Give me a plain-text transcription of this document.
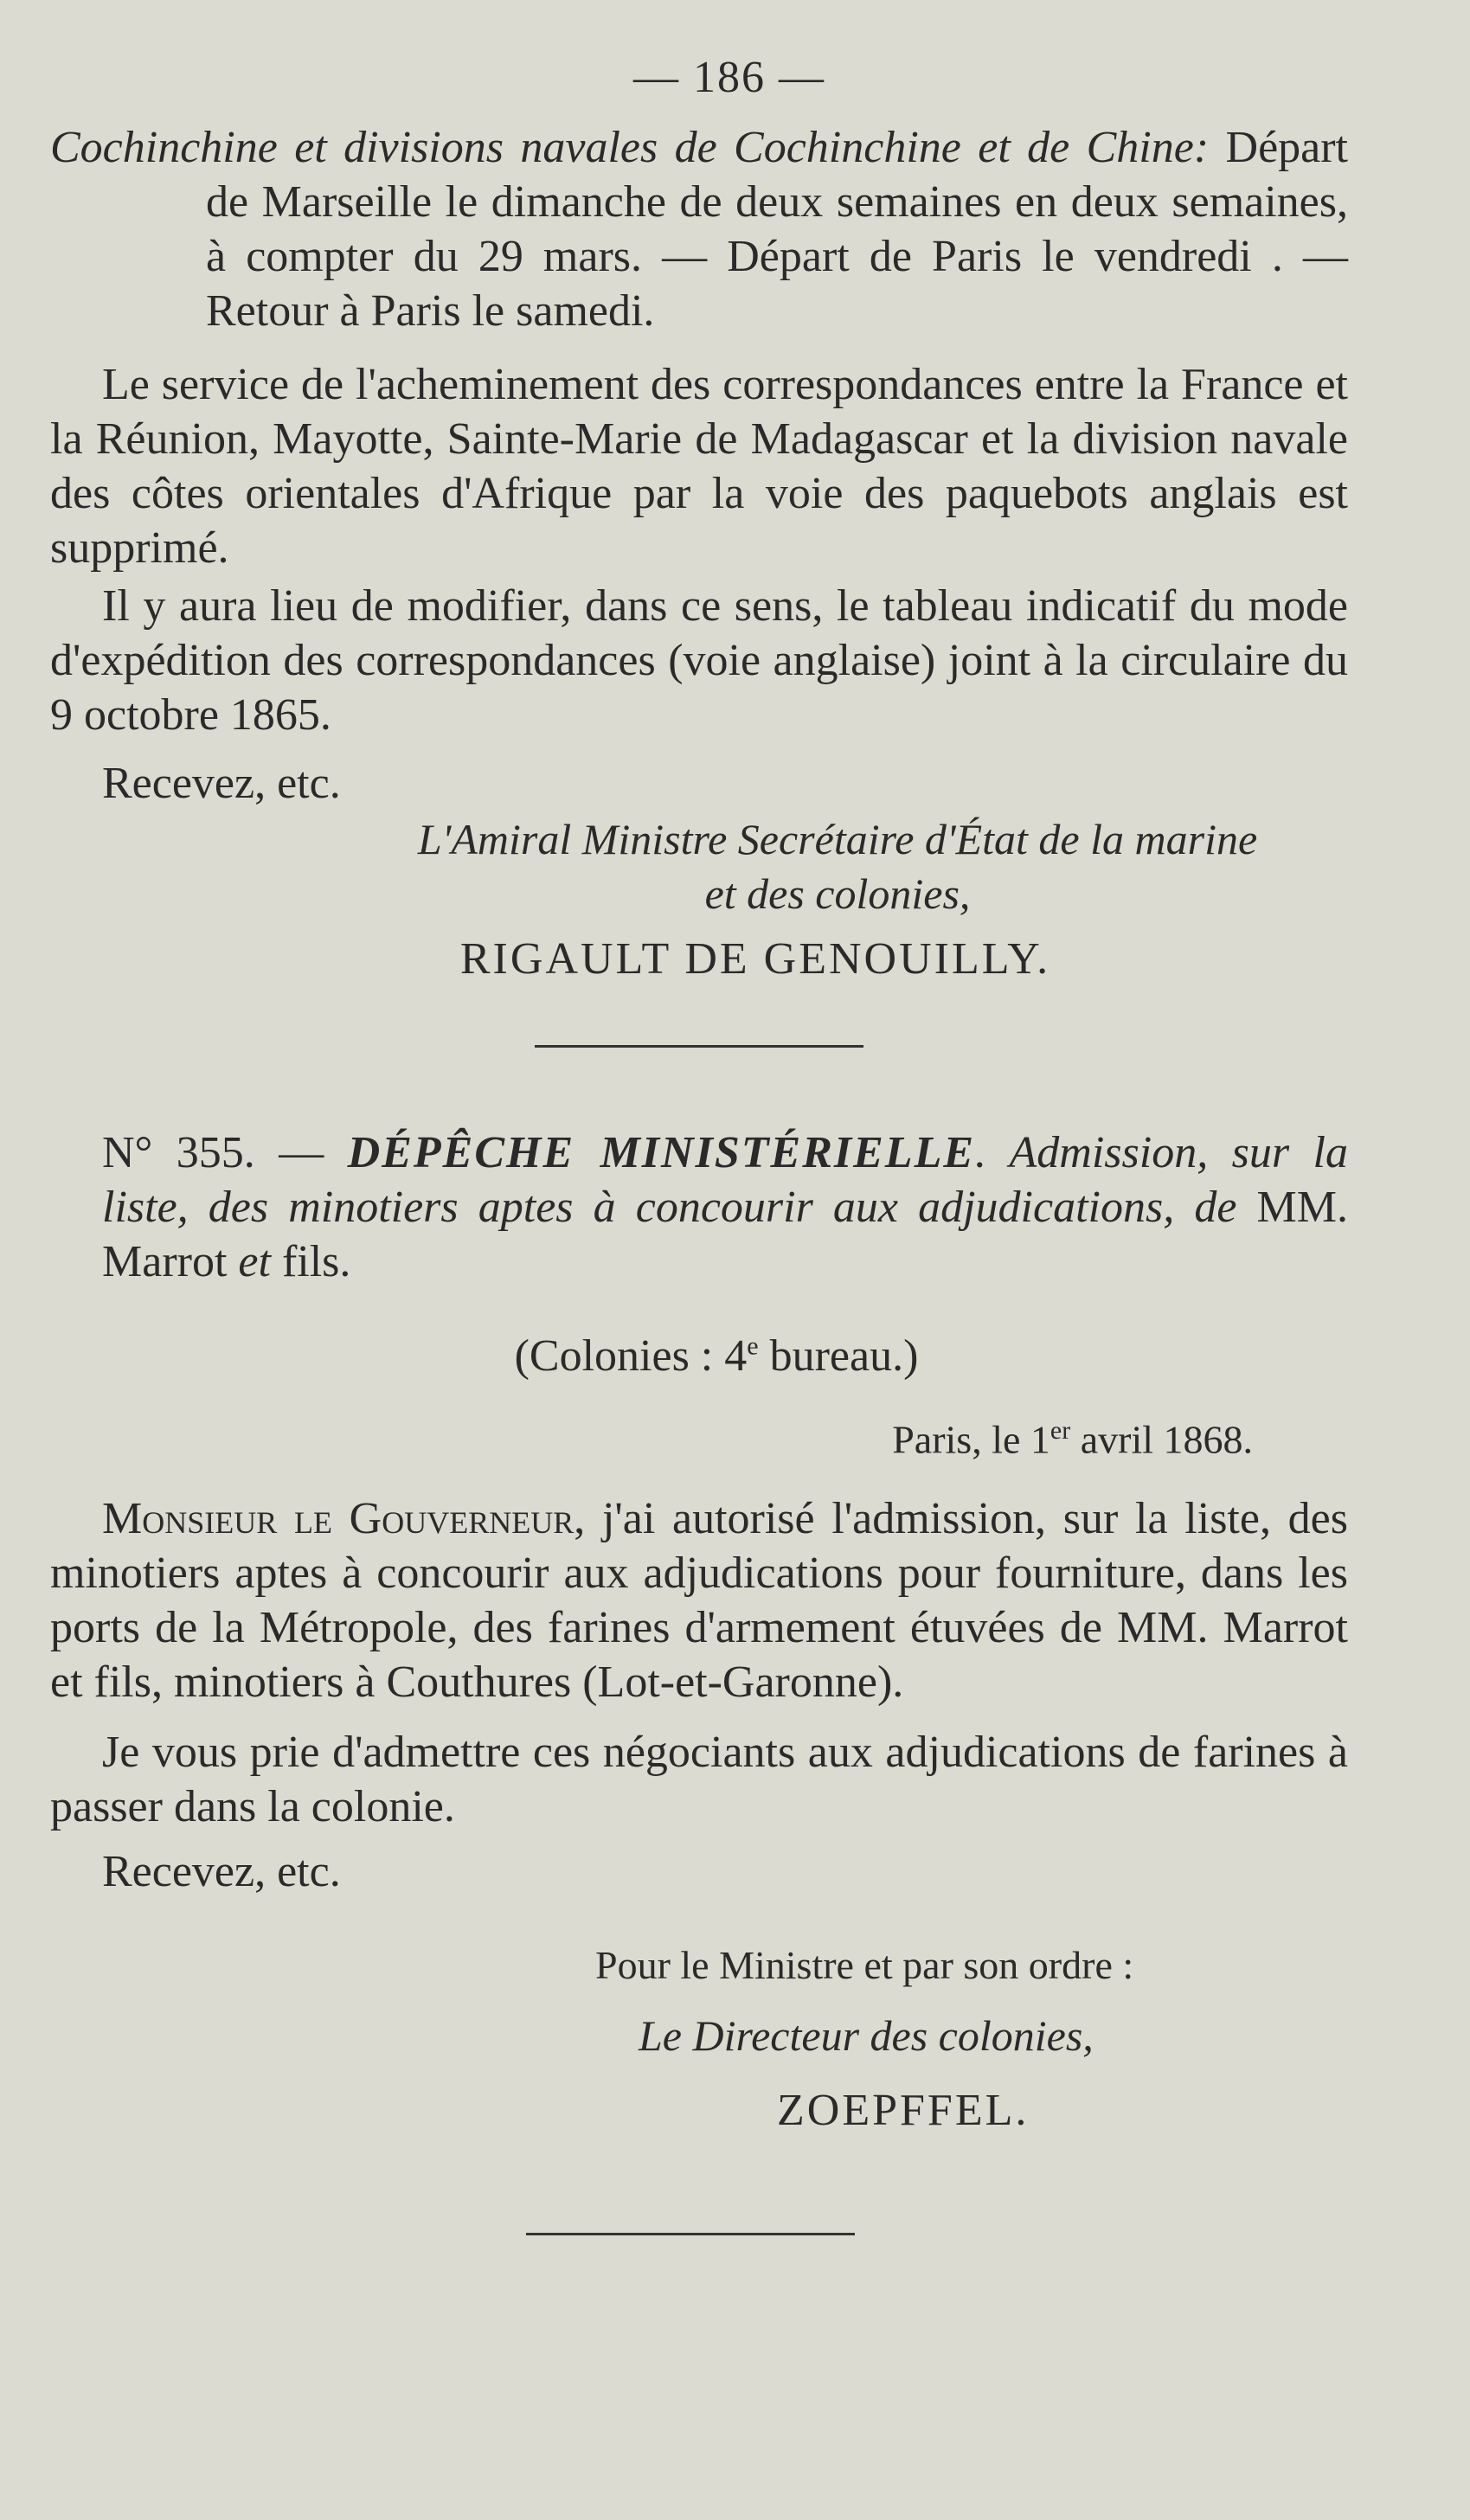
— 186 —

Cochinchine et divisions navales de Cochinchine et de Chine: Départ de Marseille le dimanche de deux semaines en deux semaines, à compter du 29 mars. — Départ de Paris le vendredi . — Retour à Paris le samedi.

Le service de l'acheminement des correspondances entre la France et la Réunion, Mayotte, Sainte-Marie de Madagascar et la division navale des côtes orientales d'Afrique par la voie des paquebots anglais est supprimé.

Il y aura lieu de modifier, dans ce sens, le tableau indicatif du mode d'expédition des correspondances (voie anglaise) joint à la circulaire du 9 octobre 1865.

Recevez, etc.

L'Amiral Ministre Secrétaire d'État de la marine
et des colonies,
RIGAULT DE GENOUILLY.

N° 355. — DÉPÊCHE MINISTÉRIELLE. Admission, sur la liste, des minotiers aptes à concourir aux adjudications, de MM. Marrot et fils.

(Colonies : 4e bureau.)
Paris, le 1er avril 1868.

Monsieur le Gouverneur, j'ai autorisé l'admission, sur la liste, des minotiers aptes à concourir aux adjudications pour fourniture, dans les ports de la Métropole, des farines d'armement étuvées de MM. Marrot et fils, minotiers à Couthures (Lot-et-Garonne).

Je vous prie d'admettre ces négociants aux adjudications de farines à passer dans la colonie.

Recevez, etc.

Pour le Ministre et par son ordre :
Le Directeur des colonies,
ZOEPFFEL.
